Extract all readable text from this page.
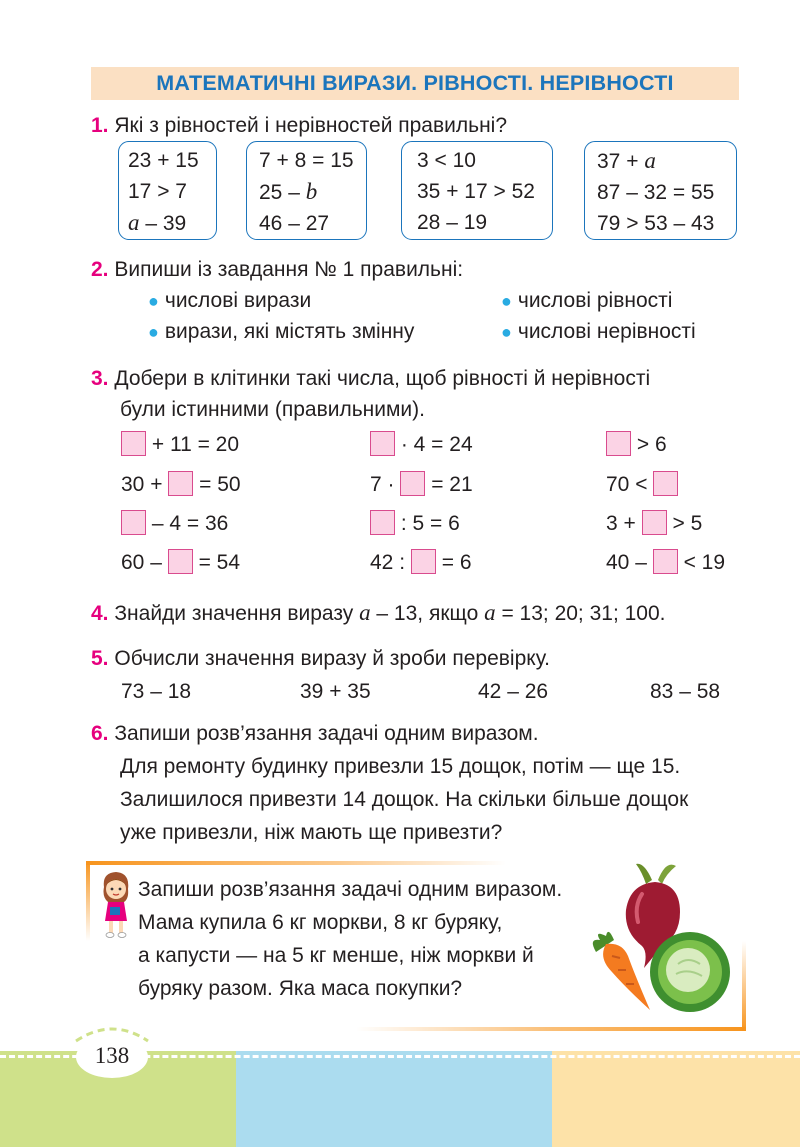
МАТЕМАТИЧНІ ВИРАЗИ. РІВНОСТІ. НЕРІВНОСТІ
1. Які з рівностей і нерівностей правильні?
23 + 15
17 > 7
a – 39
7 + 8 = 15
25 – b
46 – 27
3 < 10
35 + 17 > 52
28 – 19
37 + a
87 – 32 = 55
79 > 53 – 43
2. Випиши із завдання № 1 правильні:
● числові вирази	● числові рівності
● вирази, які містять змінну	● числові нерівності
3. Добери в клітинки такі числа, щоб рівності й нерівності
були істинними (правильними).
+ 11 = 20	· 4 = 24	> 6
30 + = 50	7 · = 21	70 <
– 4 = 36	: 5 = 6	3 + > 5
60 – = 54	42 : = 6	40 – < 19
4. Знайди значення виразу a – 13, якщо a = 13; 20; 31; 100.
5. Обчисли значення виразу й зроби перевірку.
73 – 18	39 + 35	42 – 26	83 – 58
6. Запиши розв’язання задачі одним виразом.
Для ремонту будинку привезли 15 дощок, потім — ще 15.
Залишилося привезти 14 дощок. На скільки більше дощок
уже привезли, ніж мають ще привезти?
Запиши розв’язання задачі одним виразом.
Мама купила 6 кг моркви, 8 кг буряку,
а капусти — на 5 кг менше, ніж моркви й
буряку разом. Яка маса покупки?
138
